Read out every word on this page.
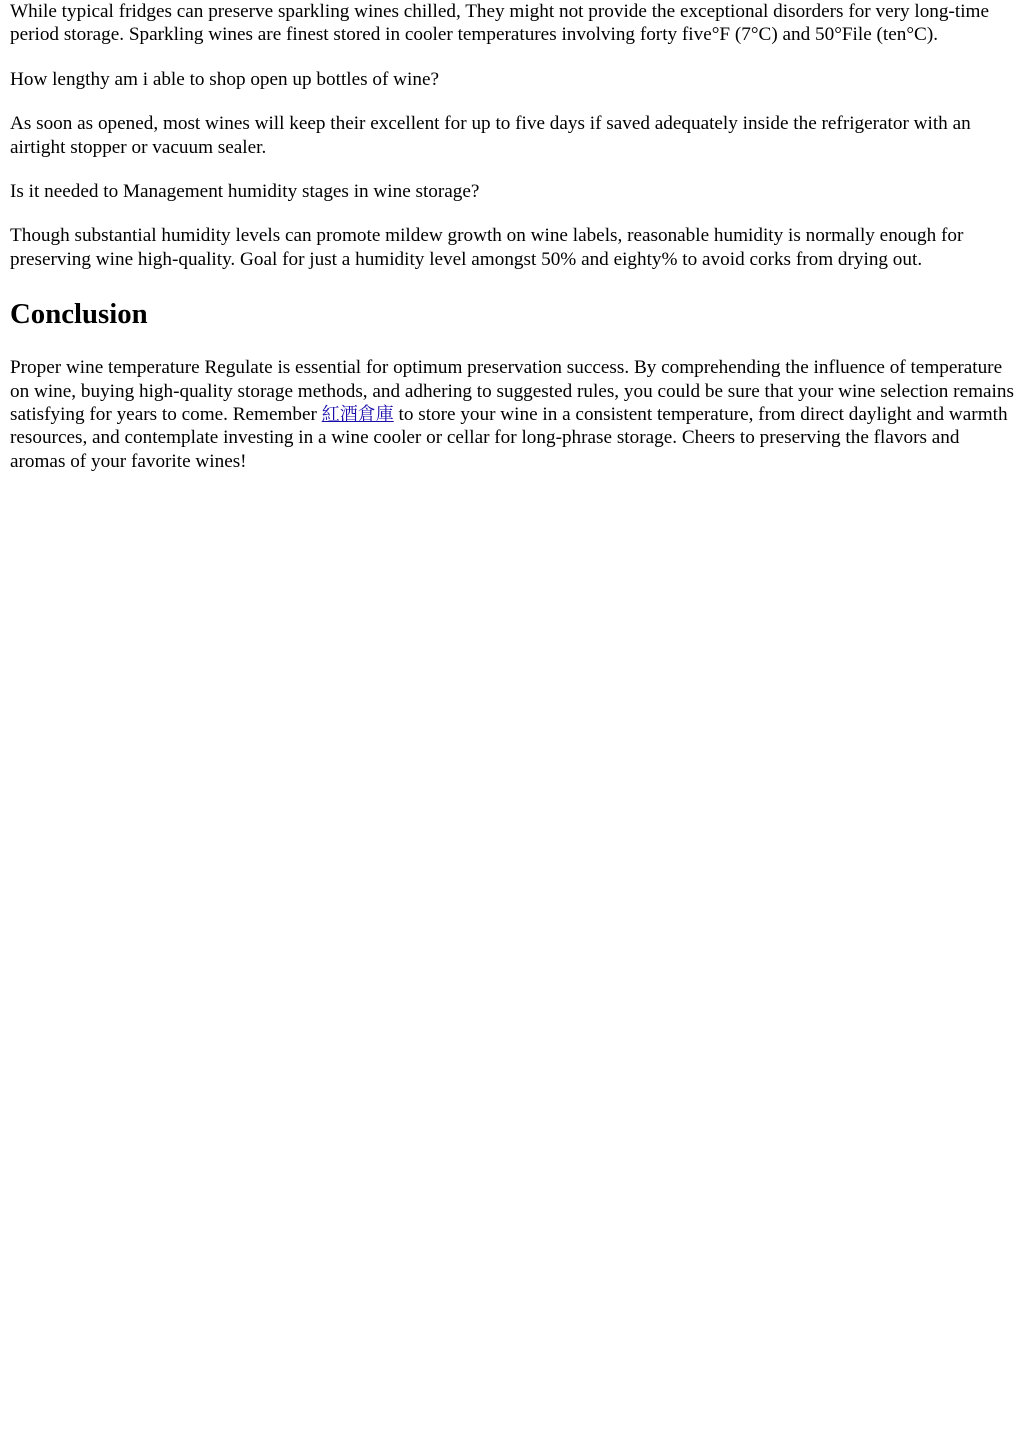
While typical fridges can preserve sparkling wines chilled, They might not provide the exceptional disorders for very long-time period storage. Sparkling wines are finest stored in cooler temperatures involving forty five°F (7°C) and 50°File (ten°C).

How lengthy am i able to shop open up bottles of wine?

As soon as opened, most wines will keep their excellent for up to five days if saved adequately inside the refrigerator with an airtight stopper or vacuum sealer.

Is it needed to Management humidity stages in wine storage?

Though substantial humidity levels can promote mildew growth on wine labels, reasonable humidity is normally enough for preserving wine high-quality. Goal for just a humidity level amongst 50% and eighty% to avoid corks from drying out.

Conclusion

Proper wine temperature Regulate is essential for optimum preservation success. By comprehending the influence of temperature on wine, buying high-quality storage methods, and adhering to suggested rules, you could be sure that your wine selection remains satisfying for years to come. Remember 紅酒倉庫 to store your wine in a consistent temperature, from direct daylight and warmth resources, and contemplate investing in a wine cooler or cellar for long-phrase storage. Cheers to preserving the flavors and aromas of your favorite wines!
